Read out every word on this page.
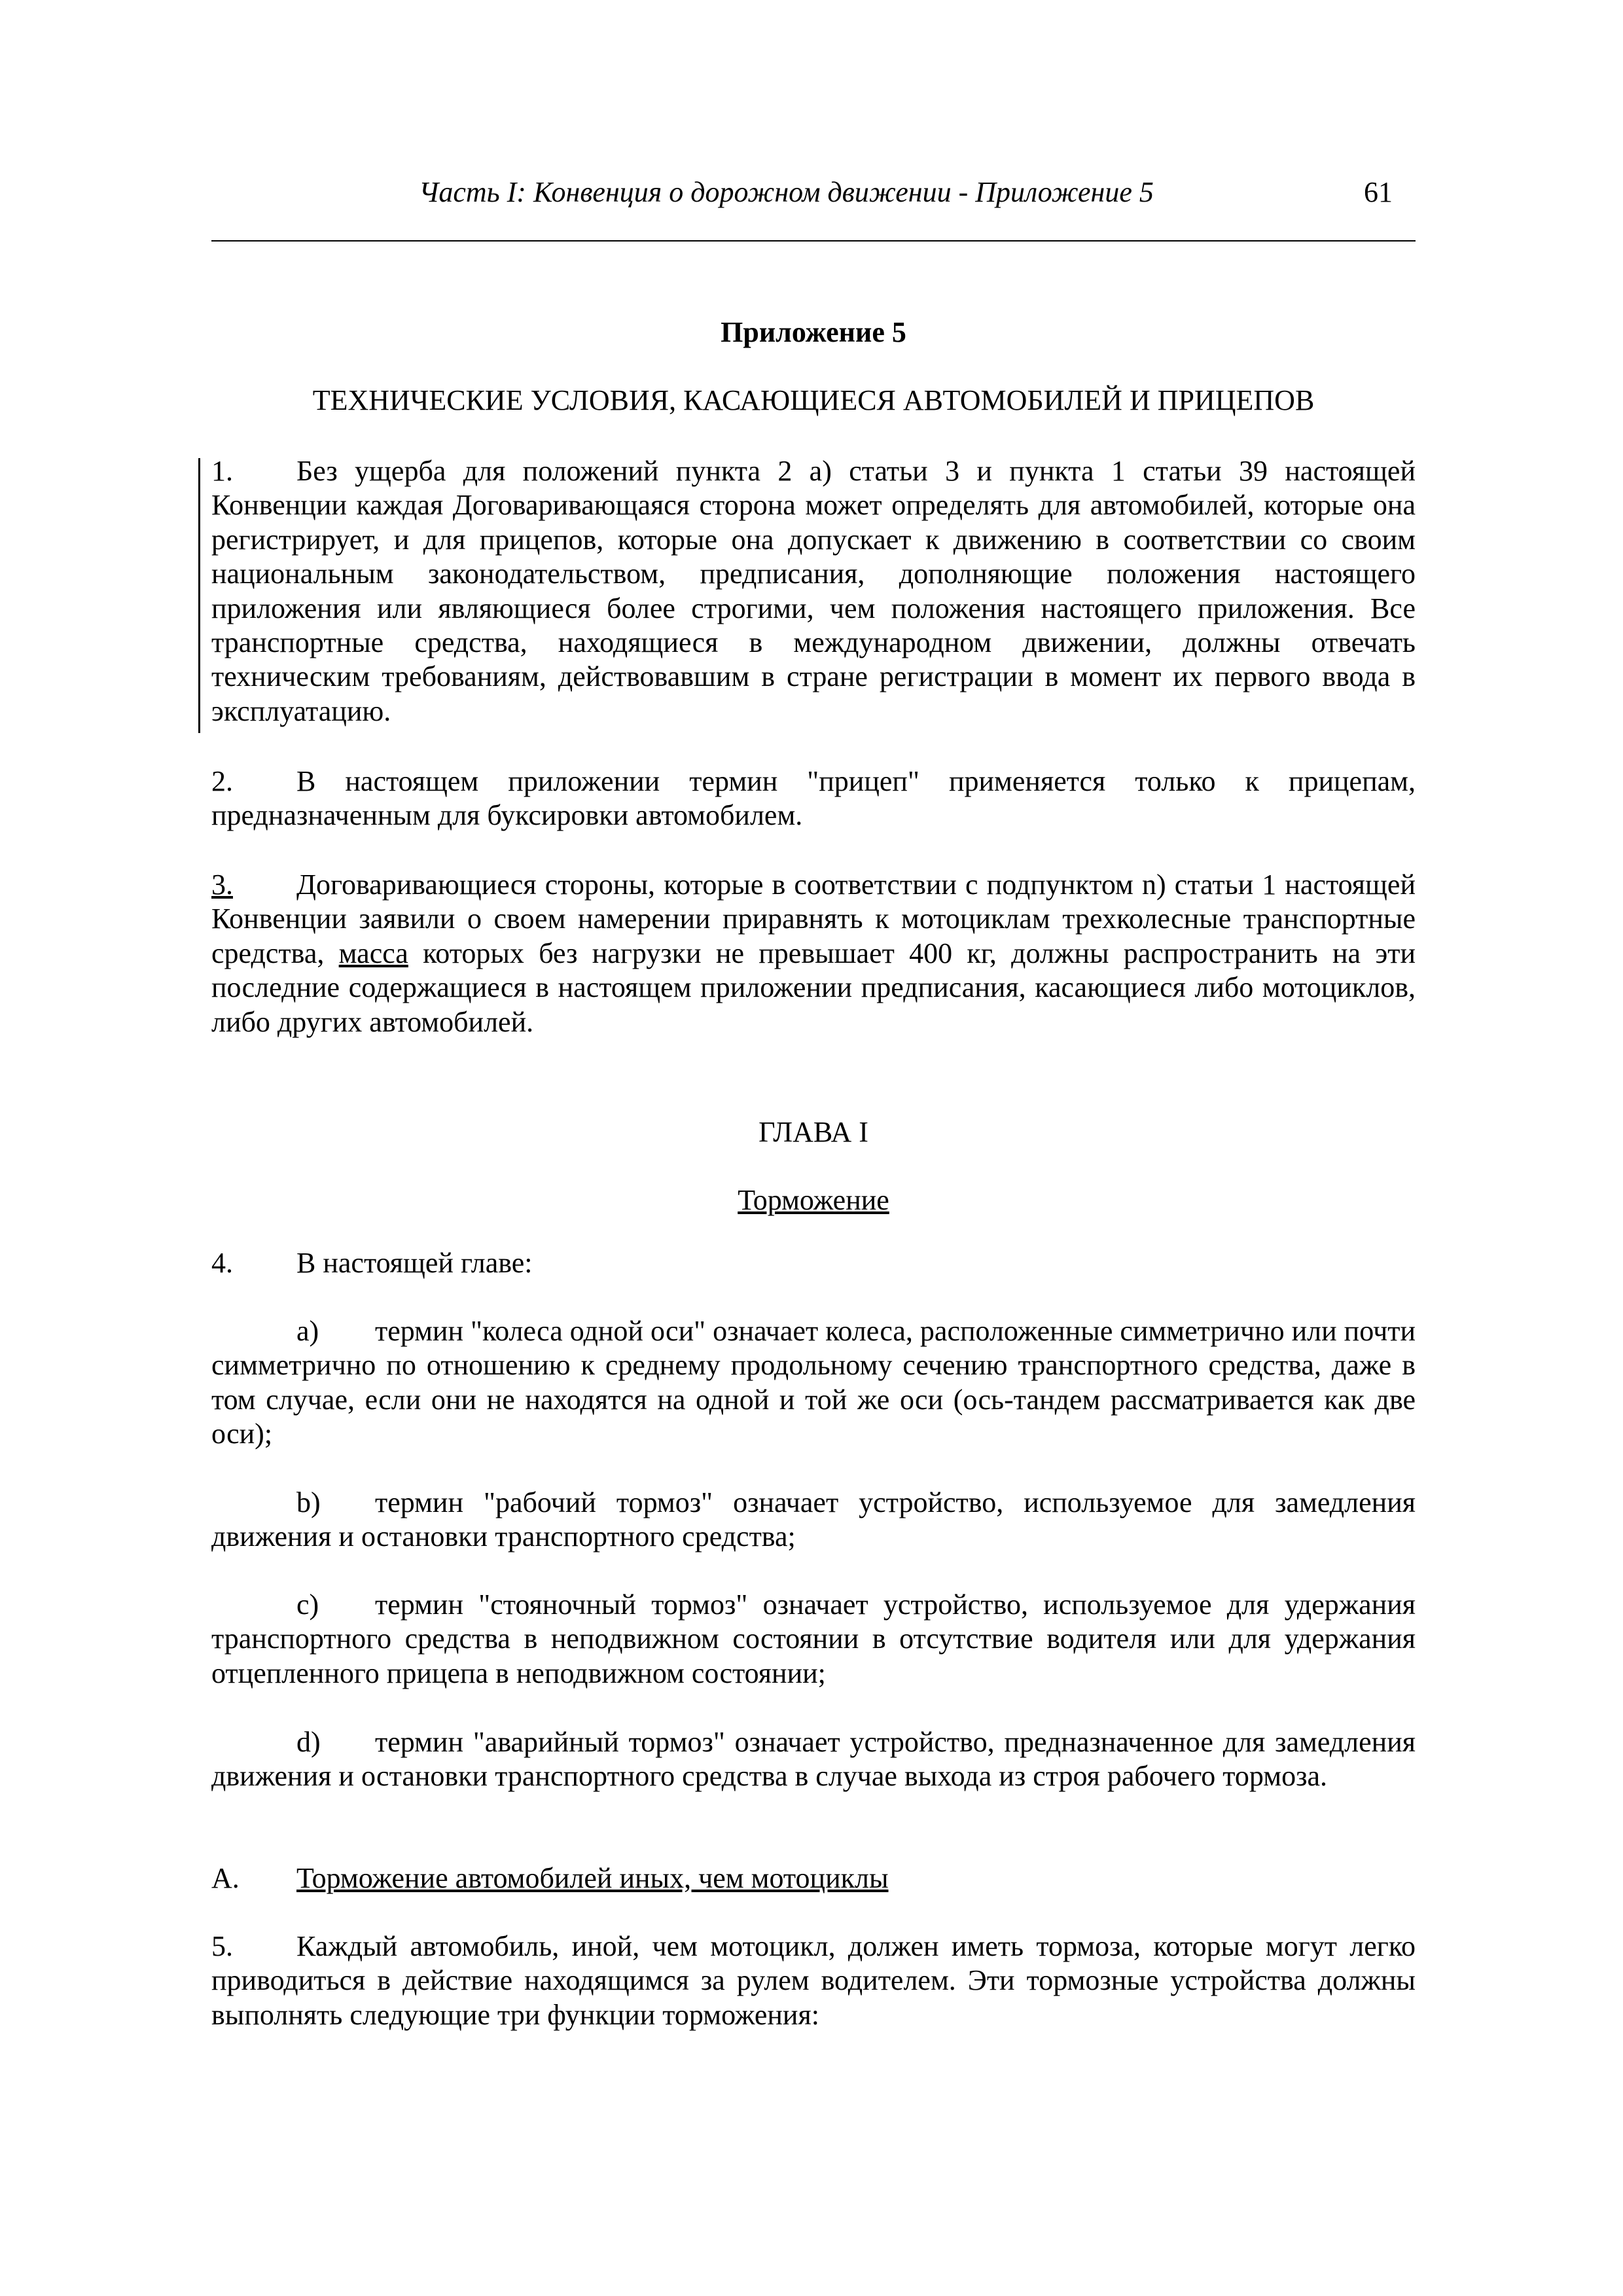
Часть I: Конвенция о дорожном движении - Приложение 5	61
Приложение 5
ТЕХНИЧЕСКИЕ УСЛОВИЯ, КАСАЮЩИЕСЯ АВТОМОБИЛЕЙ И ПРИЦЕПОВ
1. Без ущерба для положений пункта 2 a) статьи 3 и пункта 1 статьи 39 настоящей Конвенции каждая Договаривающаяся сторона может определять для автомобилей, которые она регистрирует, и для прицепов, которые она допускает к движению в соответствии со своим национальным законодательством, предписания, дополняющие положения настоящего приложения или являющиеся более строгими, чем положения настоящего приложения. Все транспортные средства, находящиеся в международном движении, должны отвечать техническим требованиям, действовавшим в стране регистрации в момент их первого ввода в эксплуатацию.
2. В настоящем приложении термин "прицеп" применяется только к прицепам, предназначенным для буксировки автомобилем.
3. Договаривающиеся стороны, которые в соответствии с подпунктом n) статьи 1 настоящей Конвенции заявили о своем намерении приравнять к мотоциклам трехколесные транспортные средства, масса которых без нагрузки не превышает 400 кг, должны распространить на эти последние содержащиеся в настоящем приложении предписания, касающиеся либо мотоциклов, либо других автомобилей.
ГЛАВА I
Торможение
4. В настоящей главе:
a) термин "колеса одной оси" означает колеса, расположенные симметрично или почти симметрично по отношению к среднему продольному сечению транспортного средства, даже в том случае, если они не находятся на одной и той же оси (ось-тандем рассматривается как две оси);
b) термин "рабочий тормоз" означает устройство, используемое для замедления движения и остановки транспортного средства;
c) термин "стояночный тормоз" означает устройство, используемое для удержания транспортного средства в неподвижном состоянии в отсутствие водителя или для удержания отцепленного прицепа в неподвижном состоянии;
d) термин "аварийный тормоз" означает устройство, предназначенное для замедления движения и остановки транспортного средства в случае выхода из строя рабочего тормоза.
A. Торможение автомобилей иных, чем мотоциклы
5. Каждый автомобиль, иной, чем мотоцикл, должен иметь тормоза, которые могут легко приводиться в действие находящимся за рулем водителем. Эти тормозные устройства должны выполнять следующие три функции торможения:
